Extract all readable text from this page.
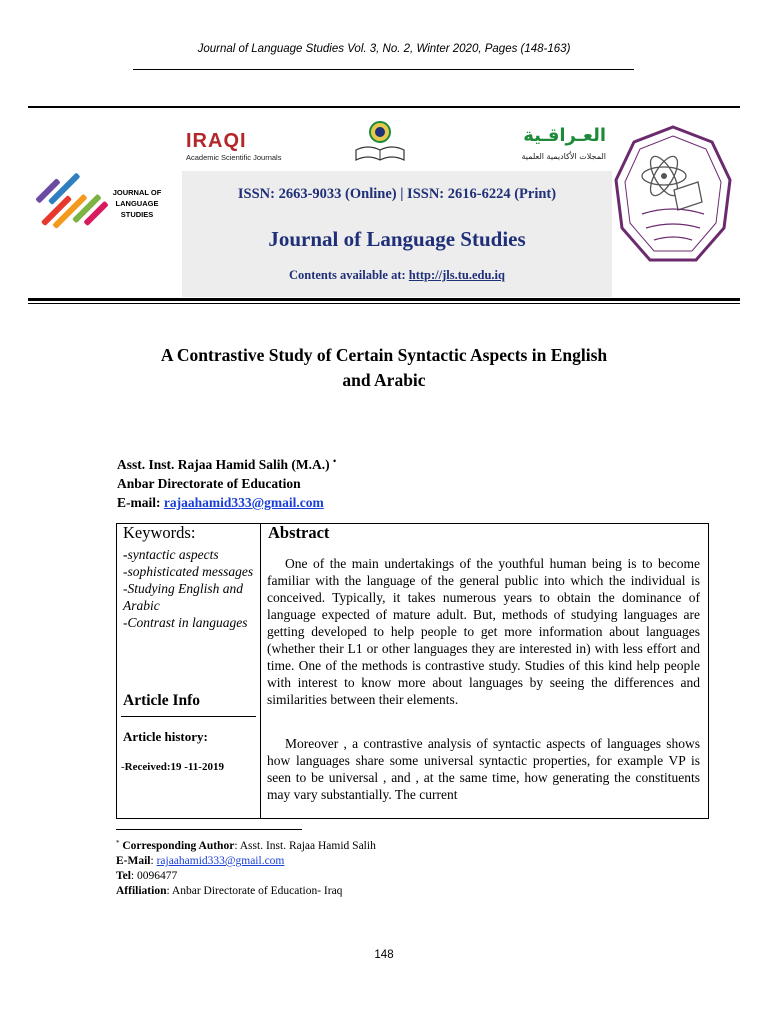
Journal of Language Studies Vol. 3, No. 2, Winter 2020, Pages (148-163)
JOURNAL OF LANGUAGE STUDIES
IRAQI
Academic Scientific Journals
العـراقـية
المجلات الأكاديمية العلمية
ISSN: 2663-9033 (Online) | ISSN: 2616-6224 (Print)
Journal of Language Studies
Contents available at: http://jls.tu.edu.iq
A Contrastive Study of Certain Syntactic Aspects in English
and Arabic
Asst. Inst. Rajaa Hamid Salih (M.A.) •
Anbar Directorate of Education
E-mail: rajaahamid333@gmail.com
Keywords:
-syntactic aspects
-sophisticated messages
-Studying English and Arabic
-Contrast in languages
Article Info
Article history:
-Received:19 -11-2019
Abstract

One of the main undertakings of the youthful human being is to become familiar with the language of the general public into which the individual is conceived. Typically, it takes numerous years to obtain the dominance of language expected of mature adult. But, methods of studying languages are getting developed to help people to get more information about languages (whether their L1 or other languages they are interested in) with less effort and time. One of the methods is contrastive study. Studies of this kind help people with interest to know more about languages by seeing the differences and similarities between their elements.

Moreover , a contrastive analysis of syntactic aspects of languages shows how languages share some universal syntactic properties, for example VP is seen to be universal , and , at the same time, how generating the constituents may vary substantially. The current

* Corresponding Author: Asst. Inst. Rajaa Hamid Salih
E-Mail: rajaahamid333@gmail.com
Tel: 0096477
Affiliation: Anbar Directorate of Education- Iraq
148
